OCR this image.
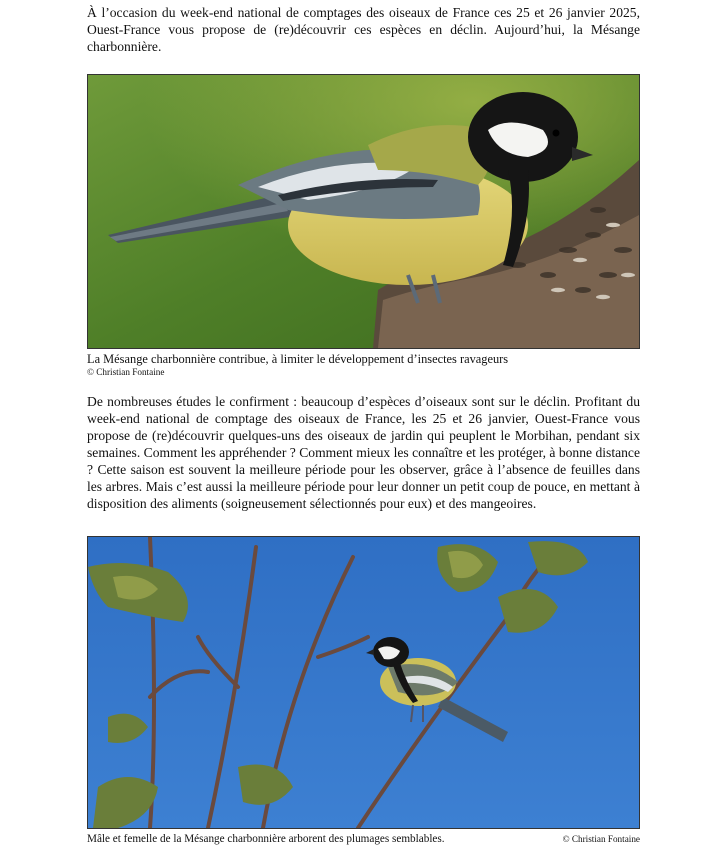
À l’occasion du week-end national de comptages des oiseaux de France ces 25 et 26 janvier 2025, Ouest-France vous propose de (re)découvrir ces espèces en déclin. Aujourd’hui, la Mésange charbonnière.

La Mésange charbonnière contribue, à limiter le développement d’insectes ravageurs
© Christian Fontaine

De nombreuses études le confirment : beaucoup d’espèces d’oiseaux sont sur le déclin. Profitant du week-end national de comptage des oiseaux de France, les 25 et 26 janvier, Ouest-France vous propose de (re)découvrir quelques-uns des oiseaux de jardin qui peuplent le Morbihan, pendant six semaines. Comment les appréhender ? Comment mieux les connaître et les protéger, à bonne distance ? Cette saison est souvent la meilleure période pour les observer, grâce à l’absence de feuilles dans les arbres. Mais c’est aussi la meilleure période pour leur donner un petit coup de pouce, en mettant à disposition des aliments (soigneusement sélectionnés pour eux) et des mangeoires.

Mâle et femelle de la Mésange charbonnière arborent des plumages semblables.	© Christian Fontaine
